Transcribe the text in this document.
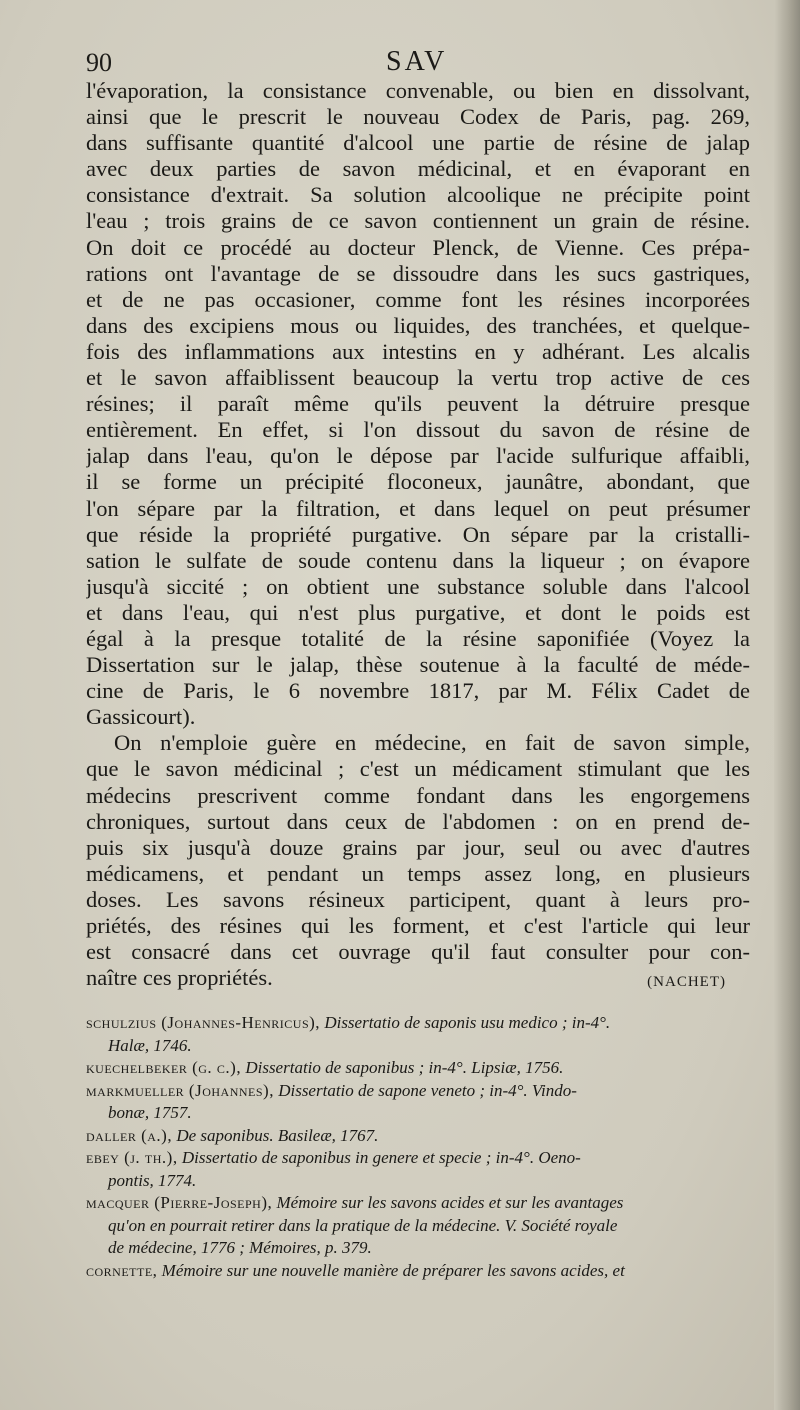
90	SAV
l'évaporation, la consistance convenable, ou bien en dissolvant,
ainsi que le prescrit le nouveau Codex de Paris, pag. 269,
dans suffisante quantité d'alcool une partie de résine de jalap
avec deux parties de savon médicinal, et en évaporant en
consistance d'extrait. Sa solution alcoolique ne précipite point
l'eau ; trois grains de ce savon contiennent un grain de résine.
On doit ce procédé au docteur Plenck, de Vienne. Ces prépa-
rations ont l'avantage de se dissoudre dans les sucs gastriques,
et de ne pas occasioner, comme font les résines incorporées
dans des excipiens mous ou liquides, des tranchées, et quelque-
fois des inflammations aux intestins en y adhérant. Les alcalis
et le savon affaiblissent beaucoup la vertu trop active de ces
résines; il paraît même qu'ils peuvent la détruire presque
entièrement. En effet, si l'on dissout du savon de résine de
jalap dans l'eau, qu'on le dépose par l'acide sulfurique affaibli,
il se forme un précipité floconeux, jaunâtre, abondant, que
l'on sépare par la filtration, et dans lequel on peut présumer
que réside la propriété purgative. On sépare par la cristalli-
sation le sulfate de soude contenu dans la liqueur ; on évapore
jusqu'à siccité ; on obtient une substance soluble dans l'alcool
et dans l'eau, qui n'est plus purgative, et dont le poids est
égal à la presque totalité de la résine saponifiée (Voyez la
Dissertation sur le jalap, thèse soutenue à la faculté de méde-
cine de Paris, le 6 novembre 1817, par M. Félix Cadet de
Gassicourt).
On n'emploie guère en médecine, en fait de savon simple,
que le savon médicinal ; c'est un médicament stimulant que les
médecins prescrivent comme fondant dans les engorgemens
chroniques, surtout dans ceux de l'abdomen : on en prend de-
puis six jusqu'à douze grains par jour, seul ou avec d'autres
médicamens, et pendant un temps assez long, en plusieurs
doses. Les savons résineux participent, quant à leurs pro-
priétés, des résines qui les forment, et c'est l'article qui leur
est consacré dans cet ouvrage qu'il faut consulter pour con-
naître ces propriétés.	(NACHET)
schulzius (Johannes-Henricus), Dissertatio de saponis usu medico ; in-4°.
Halæ, 1746.
kuechelbeker (g. c.), Dissertatio de saponibus ; in-4°. Lipsiæ, 1756.
markmueller (Johannes), Dissertatio de sapone veneto ; in-4°. Vindo-
bonæ, 1757.
daller (a.), De saponibus. Basileæ, 1767.
ebey (j. th.), Dissertatio de saponibus in genere et specie ; in-4°. Oeno-
pontis, 1774.
macquer (Pierre-Joseph), Mémoire sur les savons acides et sur les avantages
qu'on en pourrait retirer dans la pratique de la médecine. V. Société royale
de médecine, 1776 ; Mémoires, p. 379.
cornette, Mémoire sur une nouvelle manière de préparer les savons acides, et
